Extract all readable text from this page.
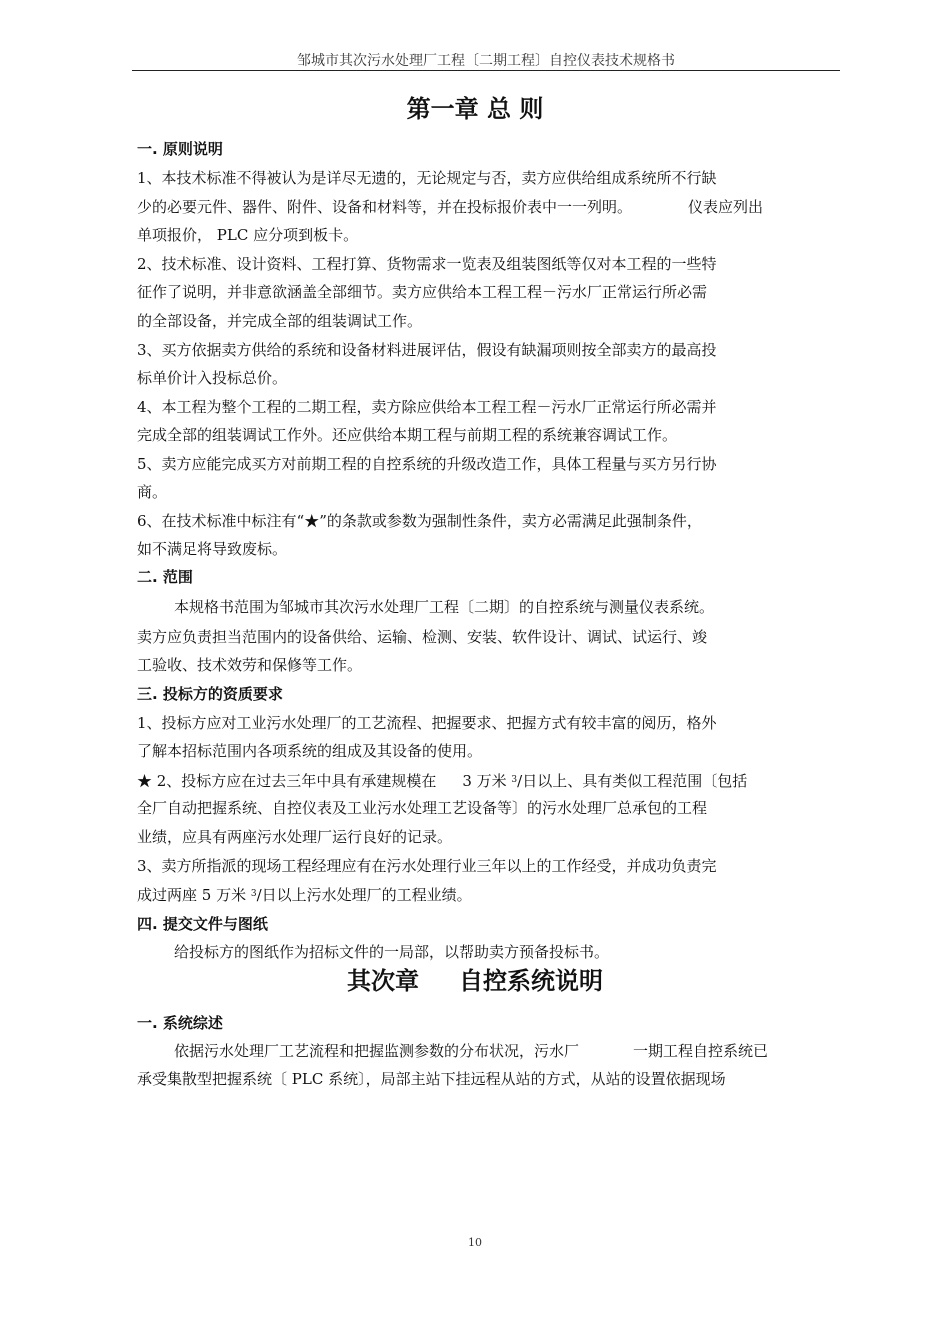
邹城市其次污水处理厂工程〔二期工程〕自控仪表技术规格书
第一章 总 则
一. 原则说明
1、本技术标准不得被认为是详尽无遗的，无论规定与否，卖方应供给组成系统所不行缺
少的必要元件、器件、附件、设备和材料等，并在投标报价表中一一列明。	仪表应列出
单项报价， PLC 应分项到板卡。
2、技术标准、设计资料、工程打算、货物需求一览表及组装图纸等仅对本工程的一些特
征作了说明，并非意欲涵盖全部细节。卖方应供给本工程工程－污水厂正常运行所必需
的全部设备，并完成全部的组装调试工作。
3、买方依据卖方供给的系统和设备材料进展评估，假设有缺漏项则按全部卖方的最高投
标单价计入投标总价。
4、本工程为整个工程的二期工程，卖方除应供给本工程工程－污水厂正常运行所必需并
完成全部的组装调试工作外。还应供给本期工程与前期工程的系统兼容调试工作。
5、卖方应能完成买方对前期工程的自控系统的升级改造工作，具体工程量与买方另行协
商。
6、在技术标准中标注有“★”的条款或参数为强制性条件，卖方必需满足此强制条件，
如不满足将导致废标。
二. 范围
本规格书范围为邹城市其次污水处理厂工程〔二期〕的自控系统与测量仪表系统。
卖方应负责担当范围内的设备供给、运输、检测、安装、软件设计、调试、试运行、竣
工验收、技术效劳和保修等工作。
三. 投标方的资质要求
1、投标方应对工业污水处理厂的工艺流程、把握要求、把握方式有较丰富的阅历，格外
了解本招标范围内各项系统的组成及其设备的使用。
★ 2、投标方应在过去三年中具有承建规模在 3 万米 $^3$/日以上、具有类似工程范围〔包括
全厂自动把握系统、自控仪表及工业污水处理工艺设备等〕的污水处理厂总承包的工程
业绩，应具有两座污水处理厂运行良好的记录。
3、卖方所指派的现场工程经理应有在污水处理行业三年以上的工作经受，并成功负责完
成过两座 5 万米 $^3$/日以上污水处理厂的工程业绩。
四. 提交文件与图纸
给投标方的图纸作为招标文件的一局部，以帮助卖方预备投标书。
其次章 自控系统说明
一. 系统综述
依据污水处理厂工艺流程和把握监测参数的分布状况，污水厂	一期工程自控系统已
承受集散型把握系统〔 PLC 系统〕，局部主站下挂远程从站的方式，从站的设置依据现场
10
